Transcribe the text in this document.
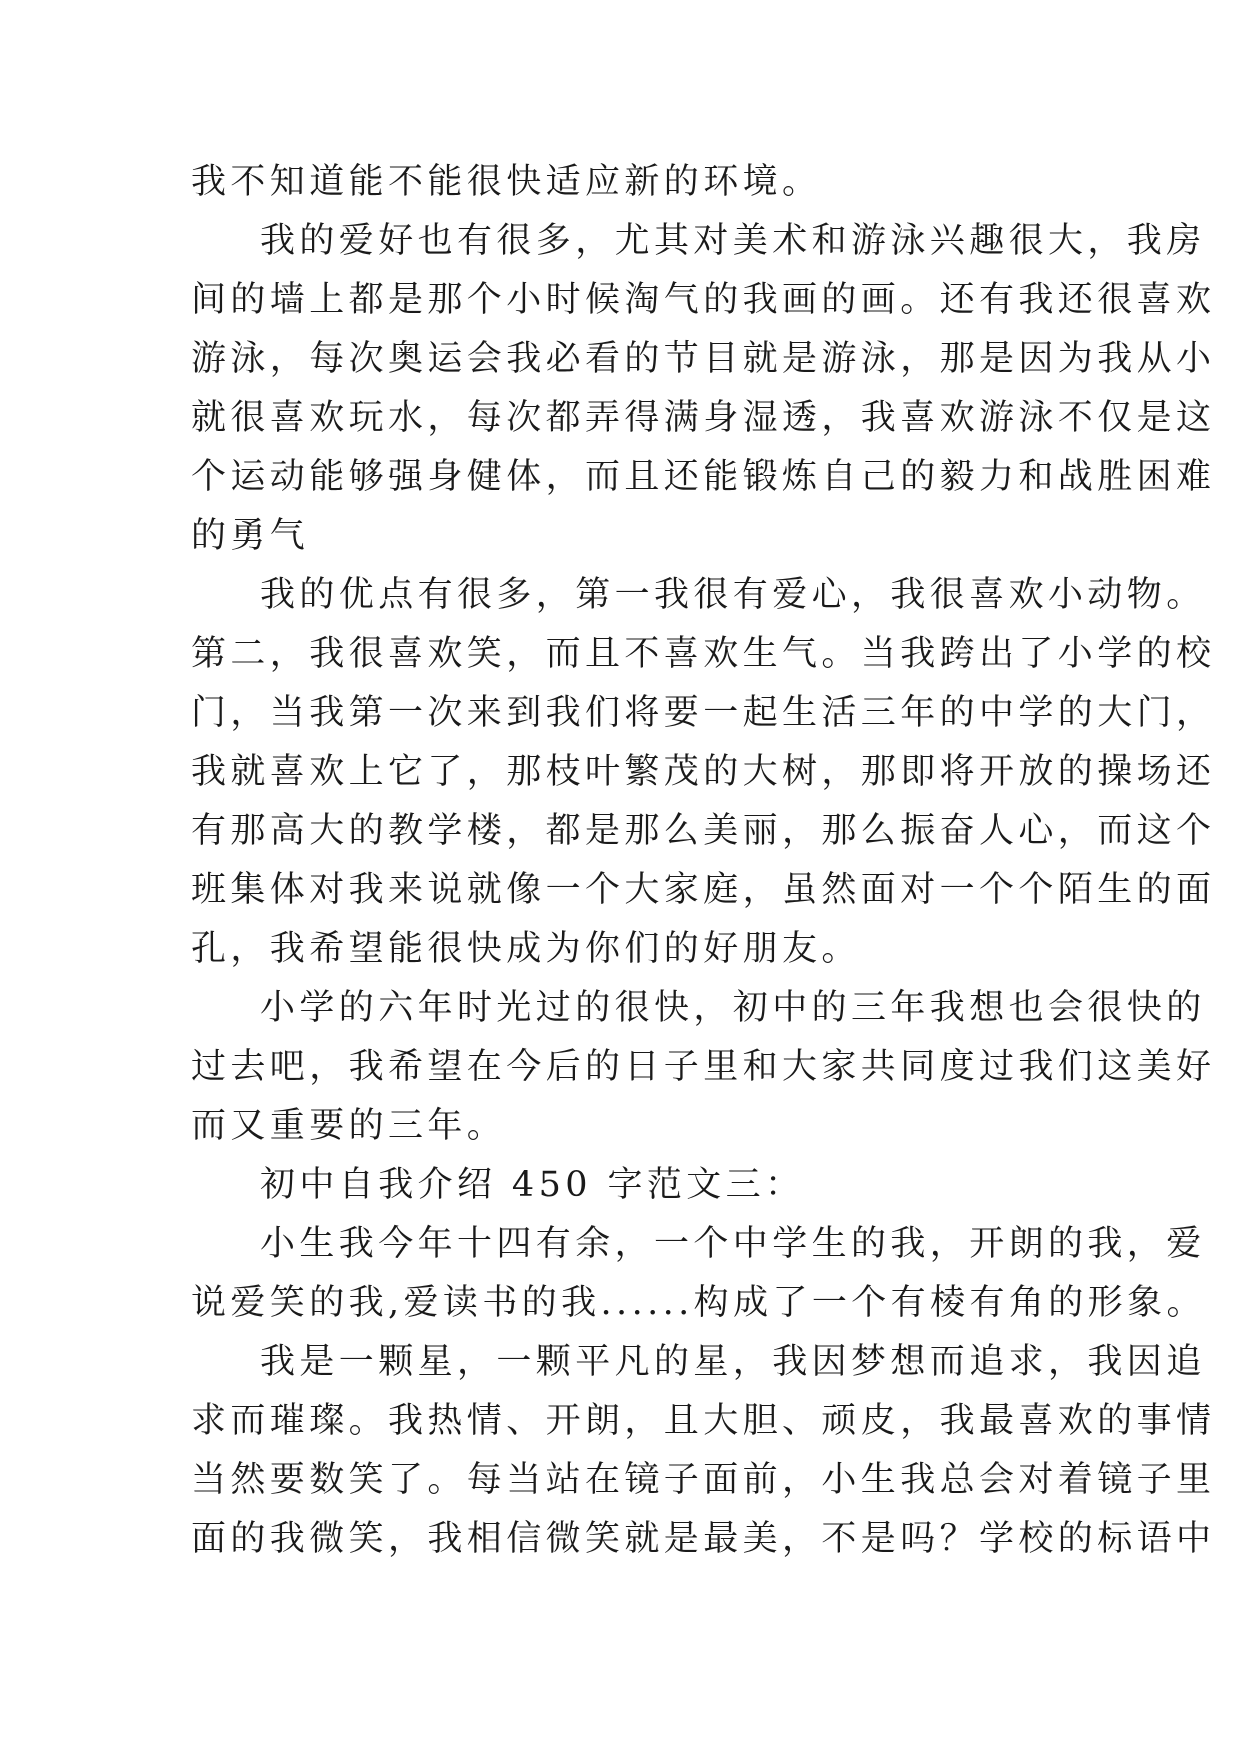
我不知道能不能很快适应新的环境。
我的爱好也有很多，尤其对美术和游泳兴趣很大，我房
间的墙上都是那个小时候淘气的我画的画。还有我还很喜欢
游泳，每次奥运会我必看的节目就是游泳，那是因为我从小
就很喜欢玩水，每次都弄得满身湿透，我喜欢游泳不仅是这
个运动能够强身健体，而且还能锻炼自己的毅力和战胜困难
的勇气
我的优点有很多，第一我很有爱心，我很喜欢小动物。
第二，我很喜欢笑，而且不喜欢生气。当我跨出了小学的校
门，当我第一次来到我们将要一起生活三年的中学的大门，
我就喜欢上它了，那枝叶繁茂的大树，那即将开放的操场还
有那高大的教学楼，都是那么美丽，那么振奋人心，而这个
班集体对我来说就像一个大家庭，虽然面对一个个陌生的面
孔，我希望能很快成为你们的好朋友。
小学的六年时光过的很快，初中的三年我想也会很快的
过去吧，我希望在今后的日子里和大家共同度过我们这美好
而又重要的三年。
初中自我介绍 450 字范文三：
小生我今年十四有余，一个中学生的我，开朗的我，爱
说爱笑的我,爱读书的我......构成了一个有棱有角的形象。
我是一颗星，一颗平凡的星，我因梦想而追求，我因追
求而璀璨。我热情、开朗，且大胆、顽皮，我最喜欢的事情
当然要数笑了。每当站在镜子面前，小生我总会对着镜子里
面的我微笑，我相信微笑就是最美，不是吗？学校的标语中
